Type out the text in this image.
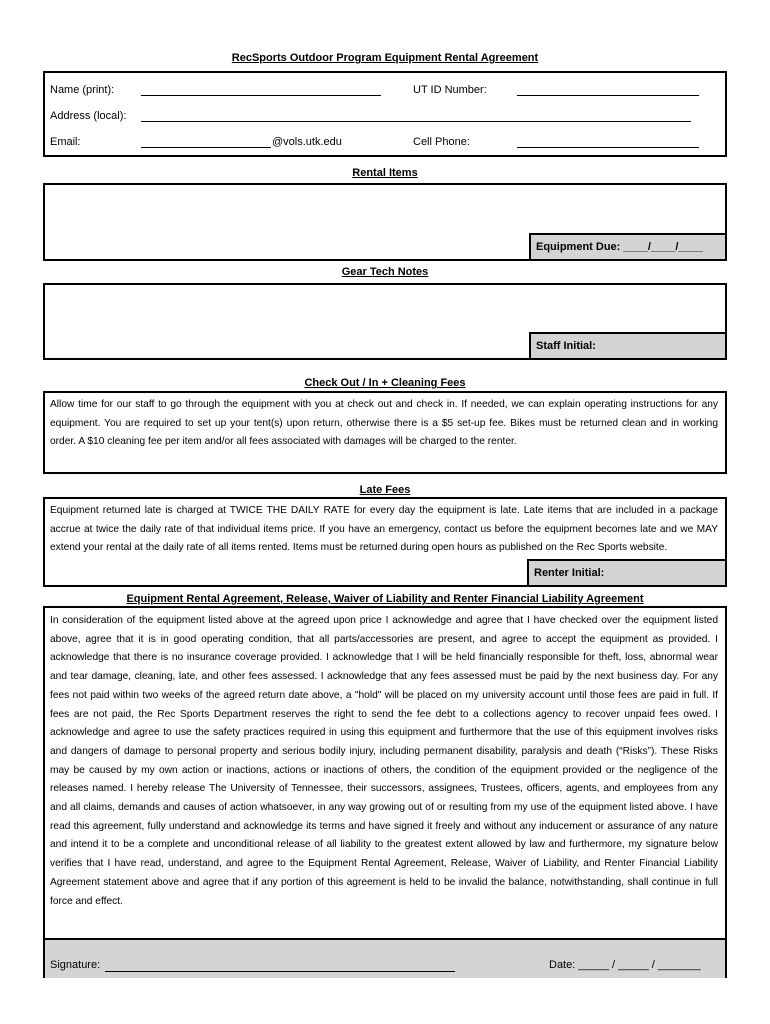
RecSports Outdoor Program Equipment Rental Agreement
Name (print):	UT ID Number:
Address (local):
Email:	@vols.utk.edu	Cell Phone:
Rental Items
Equipment Due: ____/____/____
Gear Tech Notes
Staff Initial:
Check Out / In + Cleaning Fees
Allow time for our staff to go through the equipment with you at check out and check in. If needed, we can explain operating instructions for any equipment. You are required to set up your tent(s) upon return, otherwise there is a $5 set-up fee. Bikes must be returned clean and in working order. A $10 cleaning fee per item and/or all fees associated with damages will be charged to the renter.
Late Fees
Equipment returned late is charged at TWICE THE DAILY RATE for every day the equipment is late. Late items that are included in a package accrue at twice the daily rate of that individual items price. If you have an emergency, contact us before the equipment becomes late and we MAY extend your rental at the daily rate of all items rented. Items must be returned during open hours as published on the Rec Sports website.
Renter Initial:
Equipment Rental Agreement, Release, Waiver of Liability and Renter Financial Liability Agreement
In consideration of the equipment listed above at the agreed upon price I acknowledge and agree that I have checked over the equipment listed above, agree that it is in good operating condition, that all parts/accessories are present, and agree to accept the equipment as provided. I acknowledge that there is no insurance coverage provided. I acknowledge that I will be held financially responsible for theft, loss, abnormal wear and tear damage, cleaning, late, and other fees assessed. I acknowledge that any fees assessed must be paid by the next business day. For any fees not paid within two weeks of the agreed return date above, a "hold" will be placed on my university account until those fees are paid in full. If fees are not paid, the Rec Sports Department reserves the right to send the fee debt to a collections agency to recover unpaid fees owed. I acknowledge and agree to use the safety practices required in using this equipment and furthermore that the use of this equipment involves risks and dangers of damage to personal property and serious bodily injury, including permanent disability, paralysis and death (“Risks”). These Risks may be caused by my own action or inactions, actions or inactions of others, the condition of the equipment provided or the negligence of the releases named. I hereby release The University of Tennessee, their successors, assignees, Trustees, officers, agents, and employees from any and all claims, demands and causes of action whatsoever, in any way growing out of or resulting from my use of the equipment listed above. I have read this agreement, fully understand and acknowledge its terms and have signed it freely and without any inducement or assurance of any nature and intend it to be a complete and unconditional release of all liability to the greatest extent allowed by law and furthermore, my signature below verifies that I have read, understand, and agree to the Equipment Rental Agreement, Release, Waiver of Liability, and Renter Financial Liability Agreement statement above and agree that if any portion of this agreement is held to be invalid the balance, notwithstanding, shall continue in full force and effect.
Signature:	Date: _____ / _____ / _______
